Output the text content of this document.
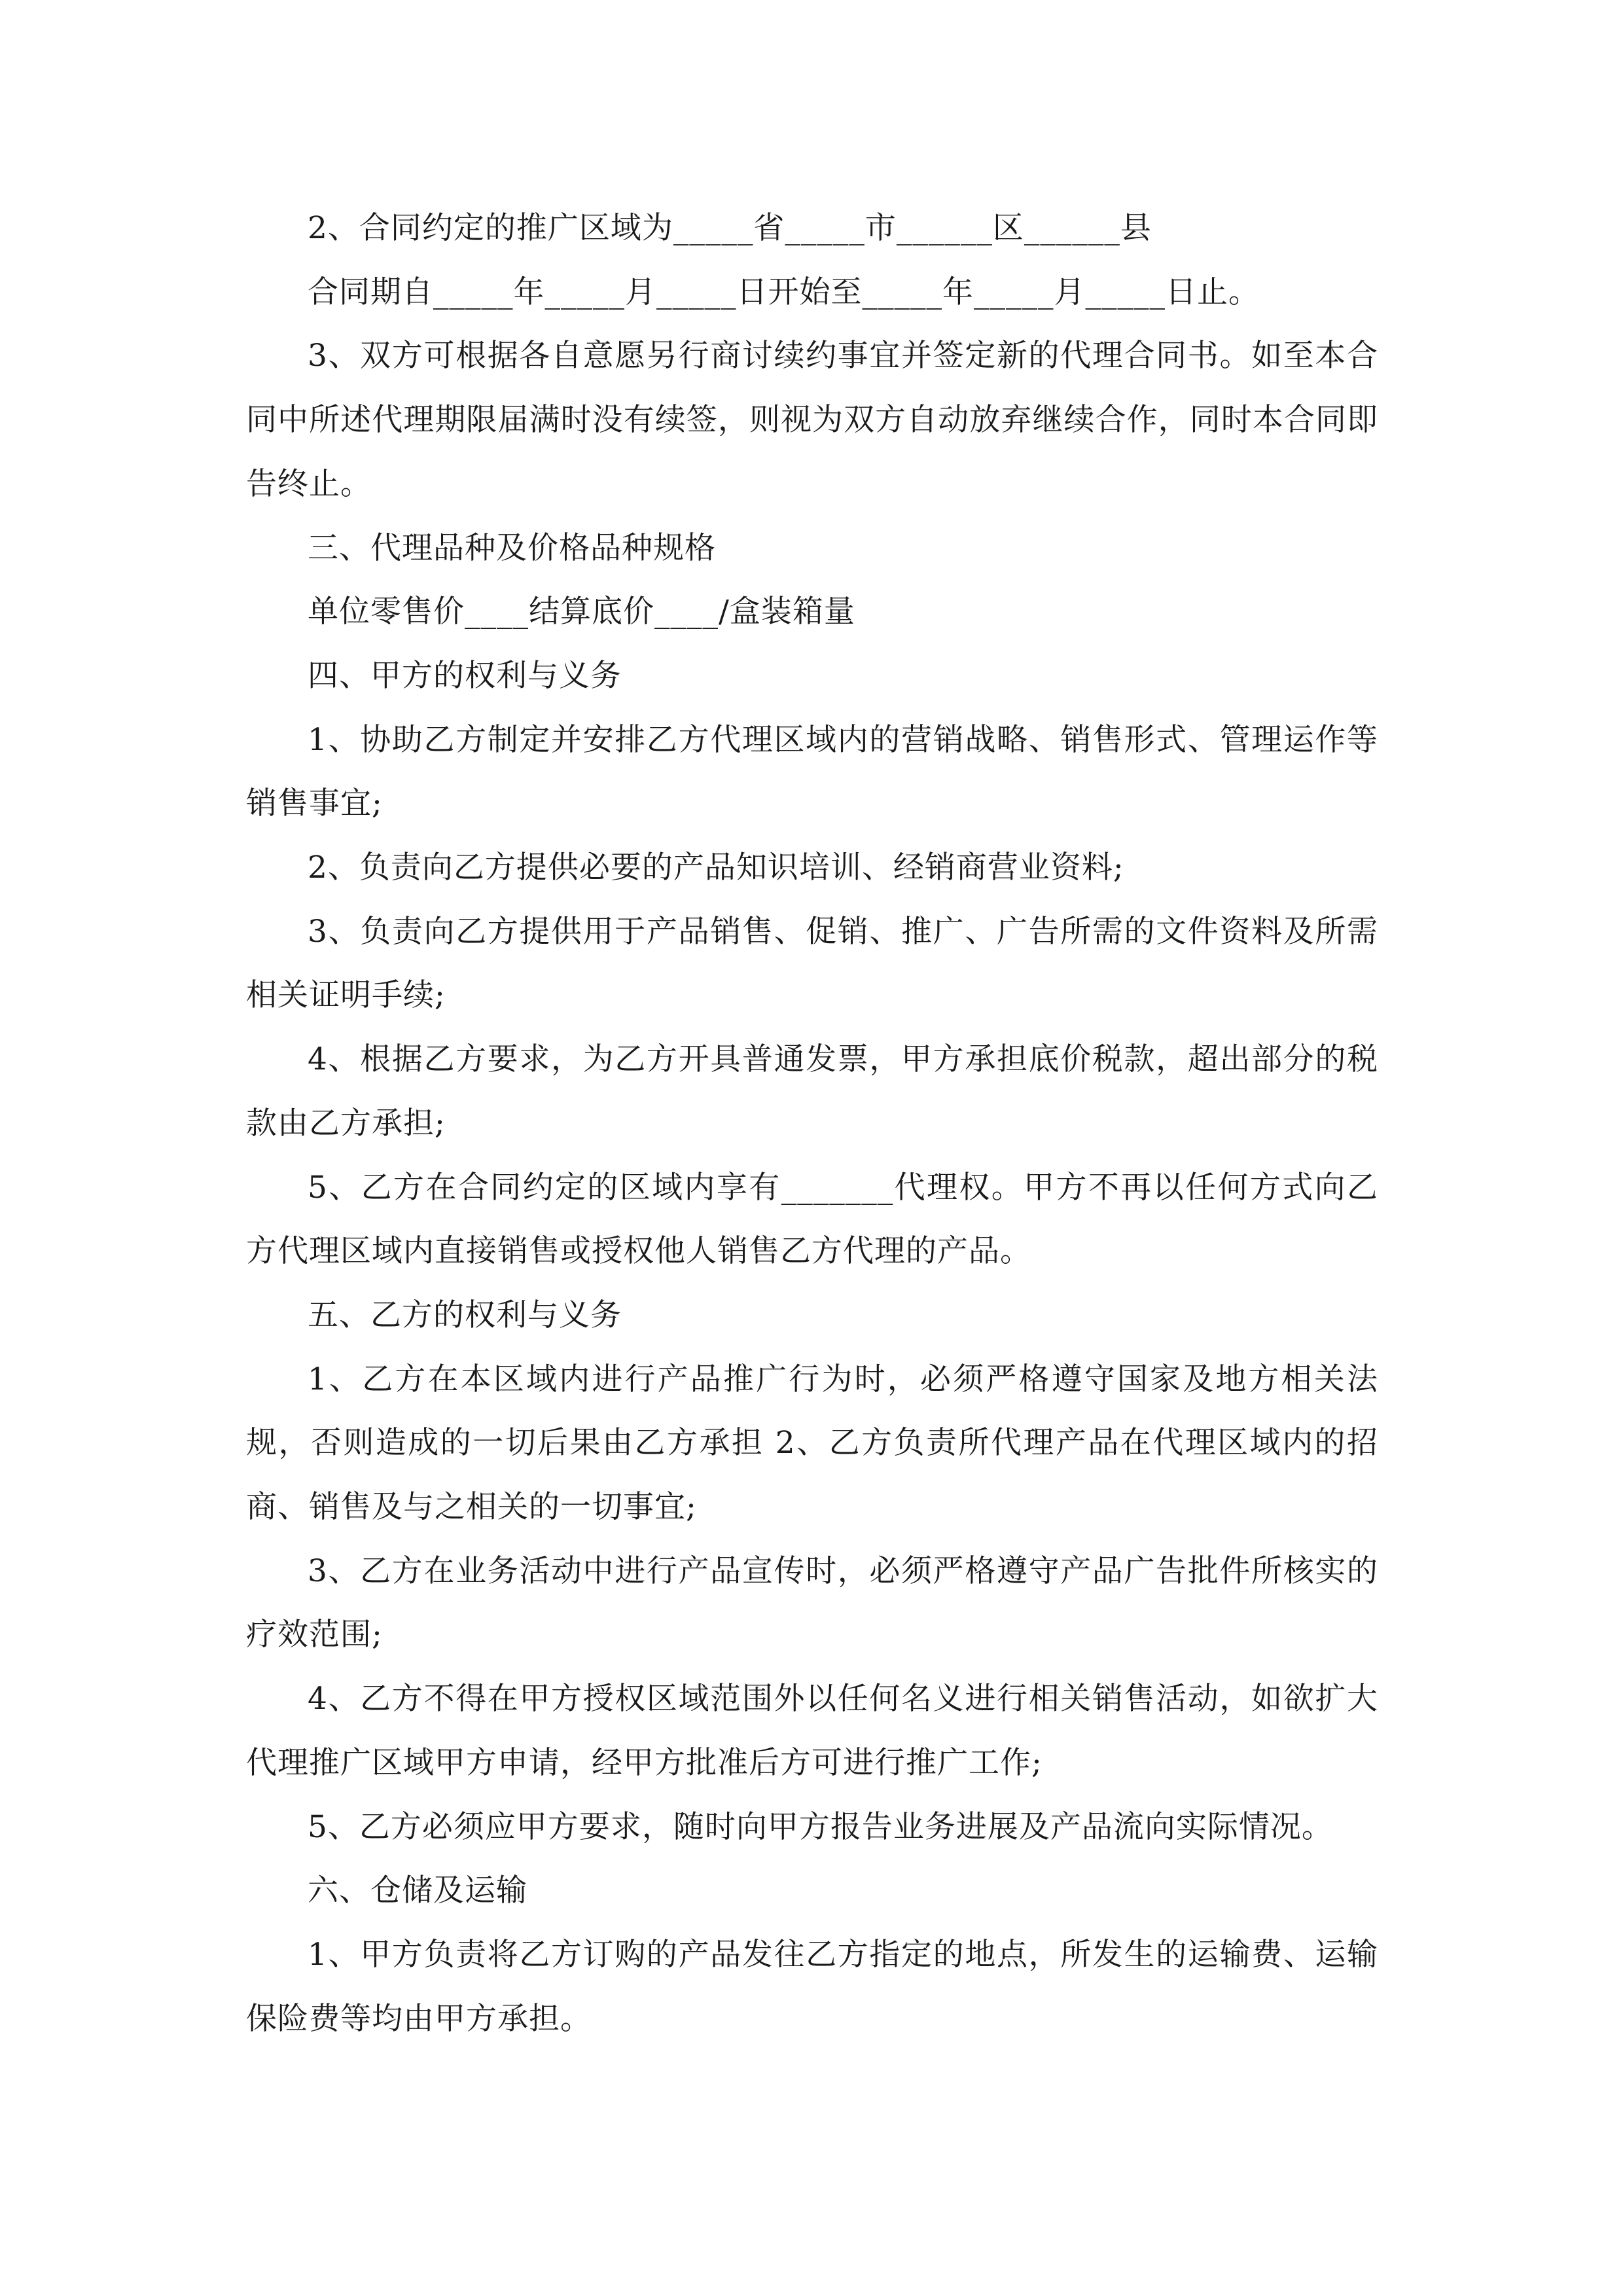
2、合同约定的推广区域为_____省_____市______区______县

合同期自_____年_____月_____日开始至_____年_____月_____日止。

3、双方可根据各自意愿另行商讨续约事宜并签定新的代理合同书。如至本合同中所述代理期限届满时没有续签，则视为双方自动放弃继续合作，同时本合同即告终止。

三、代理品种及价格品种规格

单位零售价____结算底价____/盒装箱量

四、甲方的权利与义务

1、协助乙方制定并安排乙方代理区域内的营销战略、销售形式、管理运作等销售事宜;

2、负责向乙方提供必要的产品知识培训、经销商营业资料;

3、负责向乙方提供用于产品销售、促销、推广、广告所需的文件资料及所需相关证明手续;

4、根据乙方要求，为乙方开具普通发票，甲方承担底价税款，超出部分的税款由乙方承担;

5、乙方在合同约定的区域内享有_______代理权。甲方不再以任何方式向乙方代理区域内直接销售或授权他人销售乙方代理的产品。

五、乙方的权利与义务

1、乙方在本区域内进行产品推广行为时，必须严格遵守国家及地方相关法规，否则造成的一切后果由乙方承担 2、乙方负责所代理产品在代理区域内的招商、销售及与之相关的一切事宜;

3、乙方在业务活动中进行产品宣传时，必须严格遵守产品广告批件所核实的疗效范围;

4、乙方不得在甲方授权区域范围外以任何名义进行相关销售活动，如欲扩大代理推广区域甲方申请，经甲方批准后方可进行推广工作;

5、乙方必须应甲方要求，随时向甲方报告业务进展及产品流向实际情况。

六、仓储及运输

1、甲方负责将乙方订购的产品发往乙方指定的地点，所发生的运输费、运输保险费等均由甲方承担。
